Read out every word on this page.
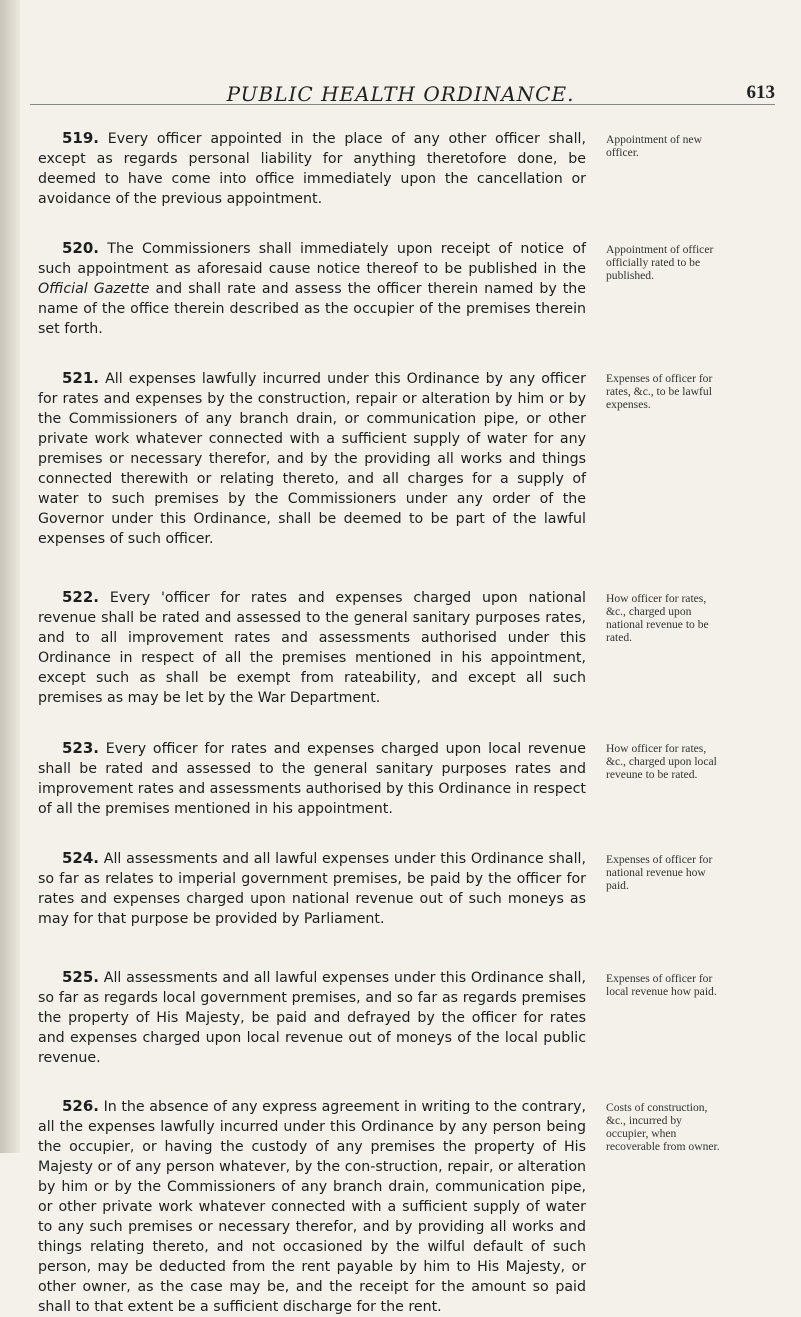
PUBLIC HEALTH ORDINANCE.	613

519. Every officer appointed in the place of any other officer shall, except as regards personal liability for anything theretofore done, be deemed to have come into office immediately upon the cancellation or avoidance of the previous appointment.

520. The Commissioners shall immediately upon receipt of notice of such appointment as aforesaid cause notice thereof to be published in the Official Gazette and shall rate and assess the officer therein named by the name of the office therein described as the occupier of the premises therein set forth.

521. All expenses lawfully incurred under this Ordinance by any officer for rates and expenses by the construction, repair or alteration by him or by the Commissioners of any branch drain, or communication pipe, or other private work whatever connected with a sufficient supply of water for any premises or necessary therefor, and by the providing all works and things connected therewith or relating thereto, and all charges for a supply of water to such premises by the Commissioners under any order of the Governor under this Ordinance, shall be deemed to be part of the lawful expenses of such officer.

522. Every 'officer for rates and expenses charged upon national revenue shall be rated and assessed to the general sanitary purposes rates, and to all improvement rates and assessments authorised under this Ordinance in respect of all the premises mentioned in his appointment, except such as shall be exempt from rateability, and except all such premises as may be let by the War Department.

523. Every officer for rates and expenses charged upon local revenue shall be rated and assessed to the general sanitary purposes rates and improvement rates and assessments authorised by this Ordinance in respect of all the premises mentioned in his appointment.

524. All assessments and all lawful expenses under this Ordinance shall, so far as relates to imperial government premises, be paid by the officer for rates and expenses charged upon national revenue out of such moneys as may for that purpose be provided by Parliament.

525. All assessments and all lawful expenses under this Ordinance shall, so far as regards local government premises, and so far as regards premises the property of His Majesty, be paid and defrayed by the officer for rates and expenses charged upon local revenue out of moneys of the local public revenue.

526. In the absence of any express agreement in writing to the contrary, all the expenses lawfully incurred under this Ordinance by any person being the occupier, or having the custody of any premises the property of His Majesty or of any person whatever, by the con-struction, repair, or alteration by him or by the Commissioners of any branch drain, communication pipe, or other private work whatever connected with a sufficient supply of water to any such premises or necessary therefor, and by providing all works and things relating thereto, and not occasioned by the wilful default of such person, may be deducted from the rent payable by him to His Majesty, or other owner, as the case may be, and the receipt for the amount so paid shall to that extent be a sufficient discharge for the rent.

Appointment of new officer.
Appointment of officer officially rated to be published.
Expenses of officer for rates, &c., to be lawful expenses.
How officer for rates, &c., charged upon national revenue to be rated.
How officer for rates, &c., charged upon local reveune to be rated.
Expenses of officer for national revenue how paid.
Expenses of officer for local revenue how paid.
Costs of construction, &c., incurred by occupier, when recoverable from owner.
